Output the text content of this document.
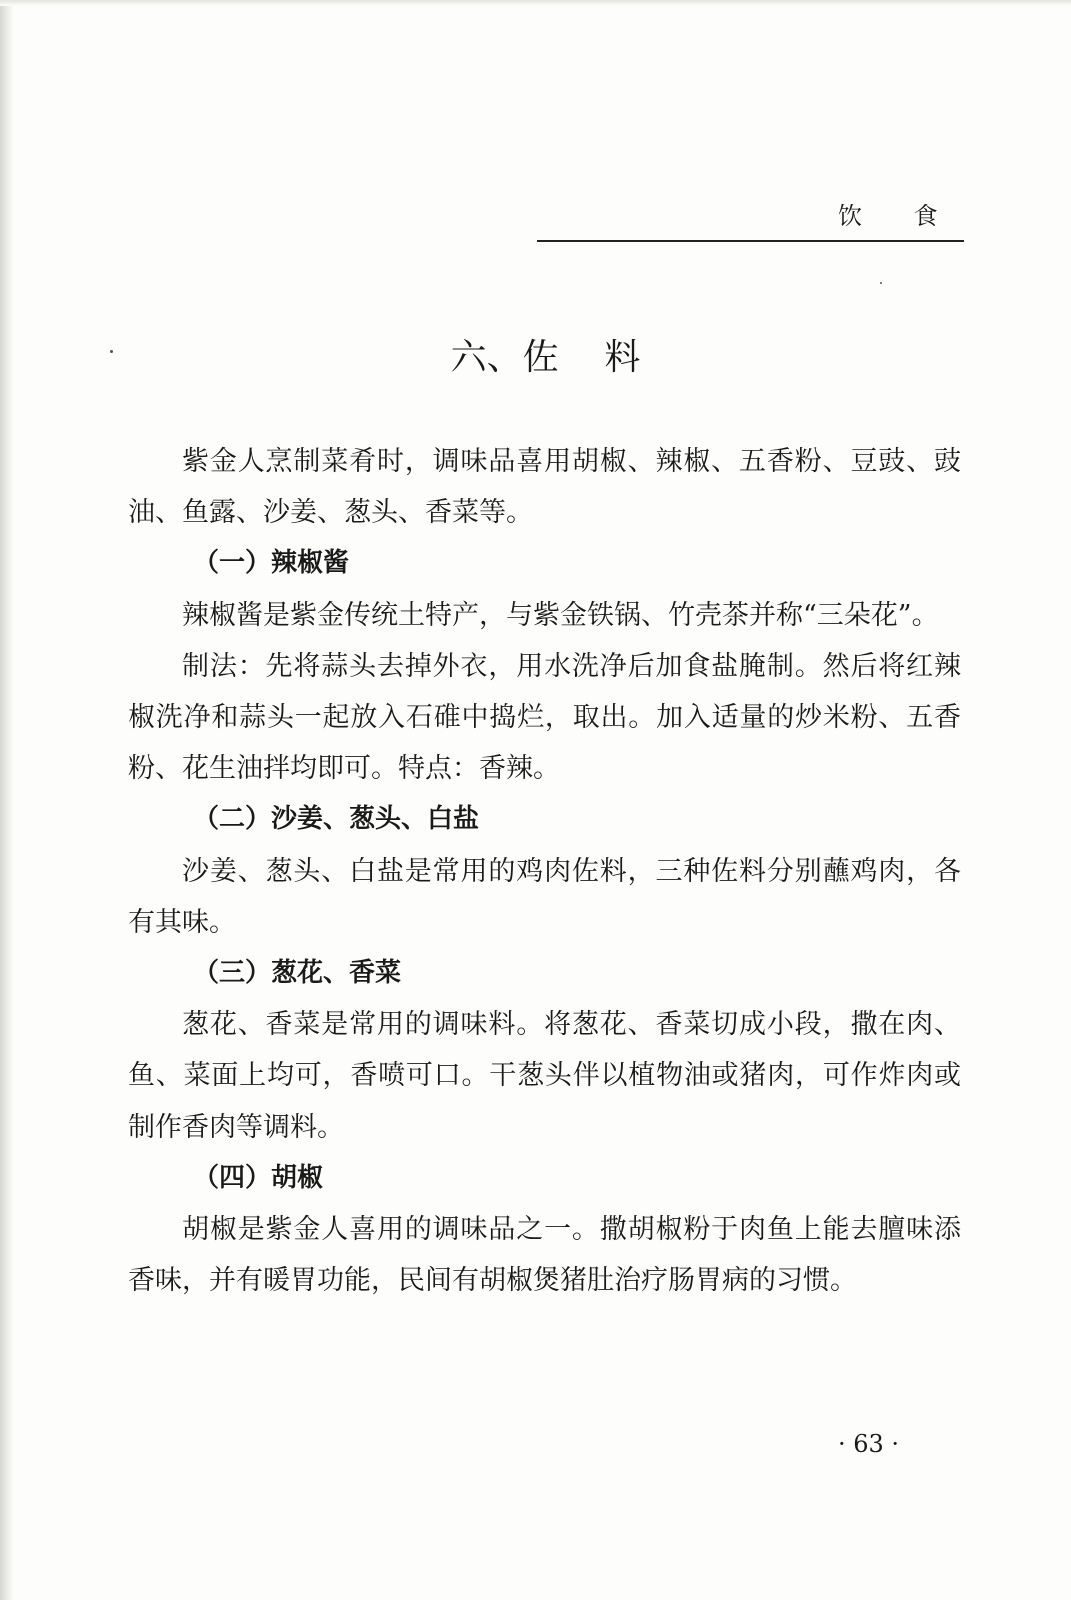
饮 食
六、佐    料

紫金人烹制菜肴时，调味品喜用胡椒、辣椒、五香粉、豆豉、豉油、鱼露、沙姜、葱头、香菜等。

（一）辣椒酱

辣椒酱是紫金传统土特产，与紫金铁锅、竹壳茶并称“三朵花”。

制法：先将蒜头去掉外衣，用水洗净后加食盐腌制。然后将红辣椒洗净和蒜头一起放入石碓中捣烂，取出。加入适量的炒米粉、五香粉、花生油拌均即可。特点：香辣。

（二）沙姜、葱头、白盐

沙姜、葱头、白盐是常用的鸡肉佐料，三种佐料分别蘸鸡肉，各有其味。

（三）葱花、香菜

葱花、香菜是常用的调味料。将葱花、香菜切成小段，撒在肉、鱼、菜面上均可，香喷可口。干葱头伴以植物油或猪肉，可作炸肉或制作香肉等调料。

（四）胡椒

胡椒是紫金人喜用的调味品之一。撒胡椒粉于肉鱼上能去膻味添香味，并有暖胃功能，民间有胡椒煲猪肚治疗肠胃病的习惯。

· 63 ·
